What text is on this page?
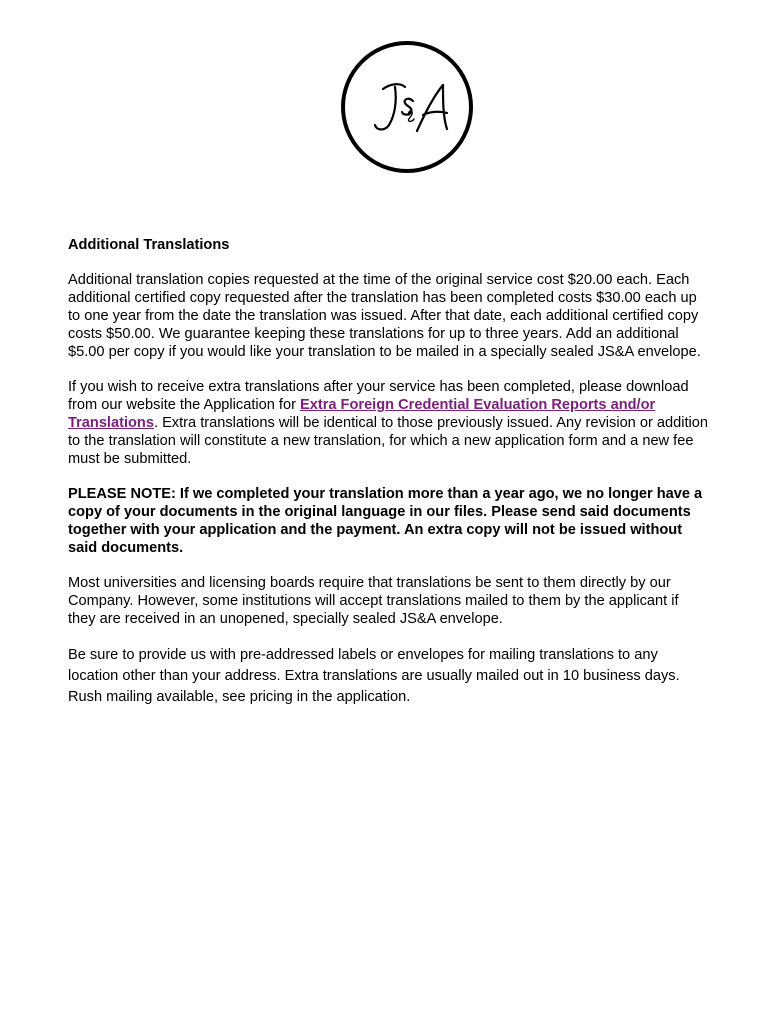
Additional Translations

Additional translation copies requested at the time of the original service cost $20.00 each. Each additional certified copy requested after the translation has been completed costs $30.00 each up to one year from the date the translation was issued. After that date, each additional certified copy costs $50.00. We guarantee keeping these translations for up to three years. Add an additional $5.00 per copy if you would like your translation to be mailed in a specially sealed JS&A envelope.

If you wish to receive extra translations after your service has been completed, please download from our website the Application for Extra Foreign Credential Evaluation Reports and/or Translations. Extra translations will be identical to those previously issued. Any revision or addition to the translation will constitute a new translation, for which a new application form and a new fee must be submitted.

PLEASE NOTE: If we completed your translation more than a year ago, we no longer have a copy of your documents in the original language in our files. Please send said documents together with your application and the payment. An extra copy will not be issued without said documents.

Most universities and licensing boards require that translations be sent to them directly by our Company. However, some institutions will accept translations mailed to them by the applicant if they are received in an unopened, specially sealed JS&A envelope.

Be sure to provide us with pre-addressed labels or envelopes for mailing translations to any location other than your address. Extra translations are usually mailed out in 10 business days. Rush mailing available, see pricing in the application.
